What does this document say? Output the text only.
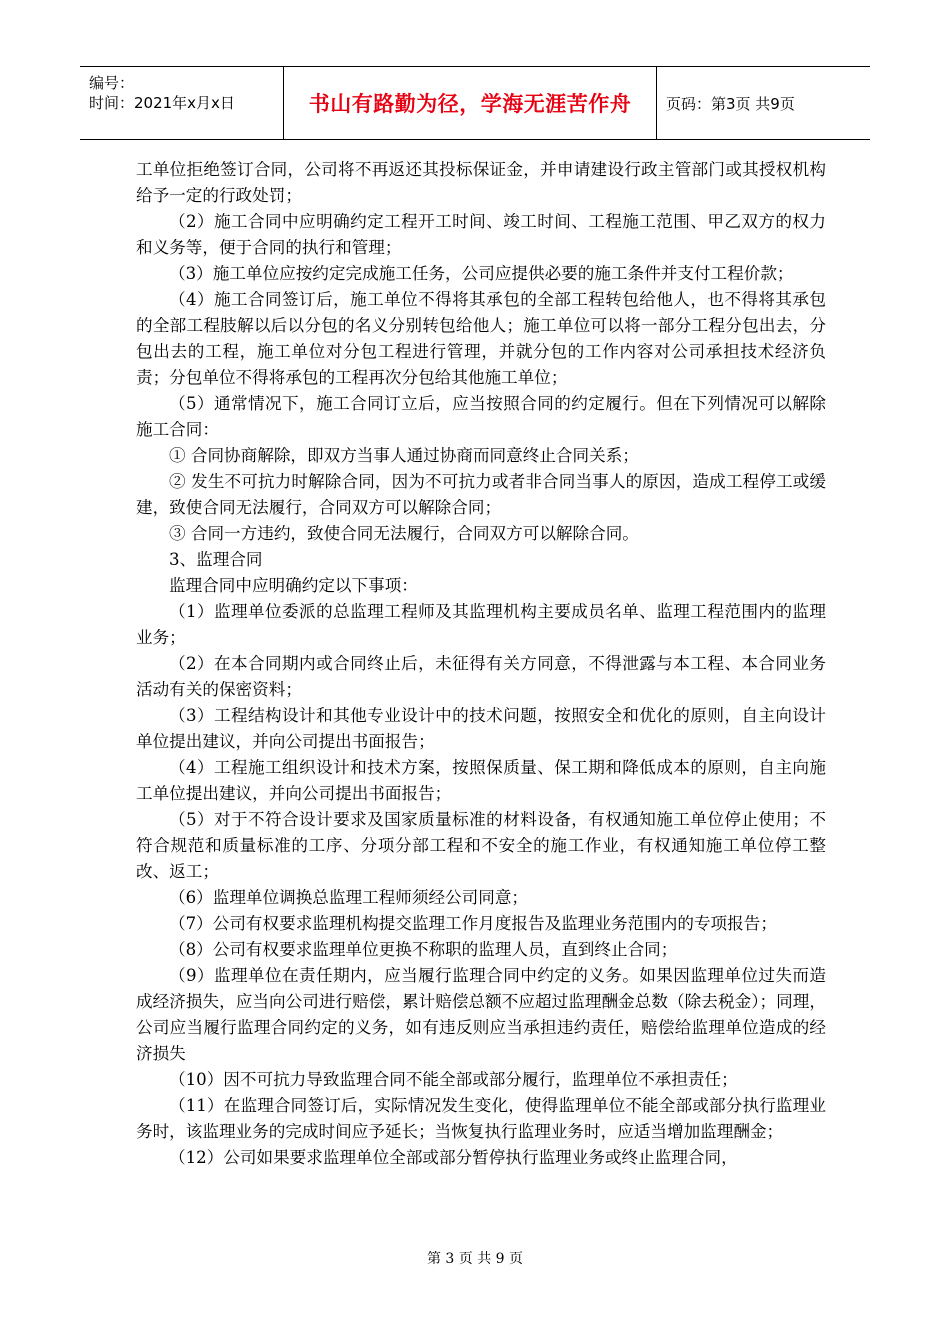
编号：
时间：2021年x月x日	书山有路勤为径，学海无涯苦作舟	页码：第3页 共9页

工单位拒绝签订合同，公司将不再返还其投标保证金，并申请建设行政主管部门或其授权机构给予一定的行政处罚；

（2）施工合同中应明确约定工程开工时间、竣工时间、工程施工范围、甲乙双方的权力和义务等，便于合同的执行和管理；

（3）施工单位应按约定完成施工任务，公司应提供必要的施工条件并支付工程价款；

（4）施工合同签订后，施工单位不得将其承包的全部工程转包给他人，也不得将其承包的全部工程肢解以后以分包的名义分别转包给他人；施工单位可以将一部分工程分包出去，分包出去的工程，施工单位对分包工程进行管理，并就分包的工作内容对公司承担技术经济负责；分包单位不得将承包的工程再次分包给其他施工单位；

（5）通常情况下，施工合同订立后，应当按照合同的约定履行。但在下列情况可以解除施工合同：

① 合同协商解除，即双方当事人通过协商而同意终止合同关系；

② 发生不可抗力时解除合同，因为不可抗力或者非合同当事人的原因，造成工程停工或缓建，致使合同无法履行，合同双方可以解除合同；

③ 合同一方违约，致使合同无法履行，合同双方可以解除合同。

3、监理合同

监理合同中应明确约定以下事项：

（1）监理单位委派的总监理工程师及其监理机构主要成员名单、监理工程范围内的监理业务；

（2）在本合同期内或合同终止后，未征得有关方同意，不得泄露与本工程、本合同业务活动有关的保密资料；

（3）工程结构设计和其他专业设计中的技术问题，按照安全和优化的原则，自主向设计单位提出建议，并向公司提出书面报告；

（4）工程施工组织设计和技术方案，按照保质量、保工期和降低成本的原则，自主向施工单位提出建议，并向公司提出书面报告；

（5）对于不符合设计要求及国家质量标准的材料设备，有权通知施工单位停止使用；不符合规范和质量标准的工序、分项分部工程和不安全的施工作业，有权通知施工单位停工整改、返工；

（6）监理单位调换总监理工程师须经公司同意；

（7）公司有权要求监理机构提交监理工作月度报告及监理业务范围内的专项报告；

（8）公司有权要求监理单位更换不称职的监理人员，直到终止合同；

（9）监理单位在责任期内，应当履行监理合同中约定的义务。如果因监理单位过失而造成经济损失，应当向公司进行赔偿，累计赔偿总额不应超过监理酬金总数（除去税金）；同理，公司应当履行监理合同约定的义务，如有违反则应当承担违约责任，赔偿给监理单位造成的经济损失

（10）因不可抗力导致监理合同不能全部或部分履行，监理单位不承担责任；

（11）在监理合同签订后，实际情况发生变化，使得监理单位不能全部或部分执行监理业务时，该监理业务的完成时间应予延长；当恢复执行监理业务时，应适当增加监理酬金；

（12）公司如果要求监理单位全部或部分暂停执行监理业务或终止监理合同，

第 3 页 共 9 页
